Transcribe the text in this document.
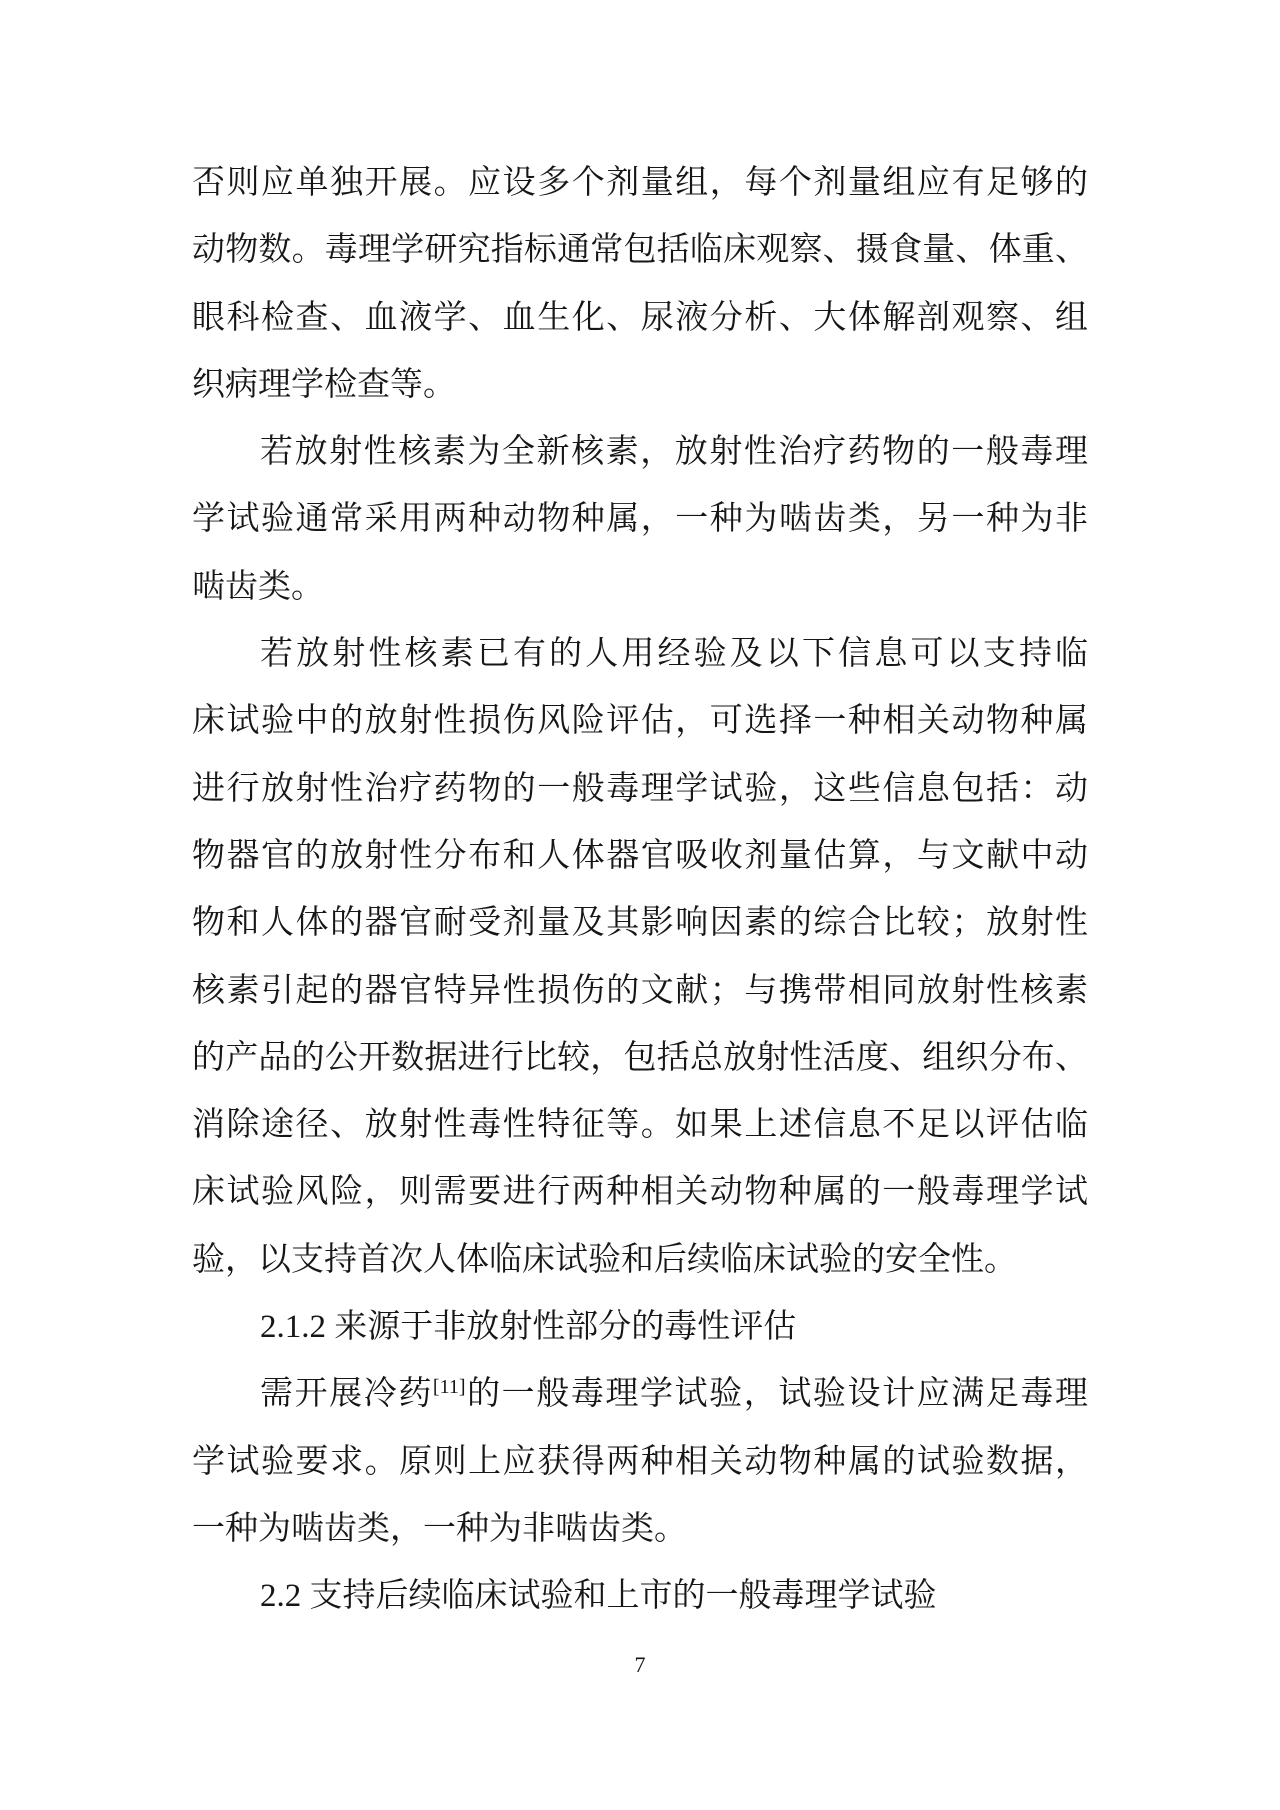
否则应单独开展。应设多个剂量组，每个剂量组应有足够的
动物数。毒理学研究指标通常包括临床观察、摄食量、体重、
眼科检查、血液学、血生化、尿液分析、大体解剖观察、组
织病理学检查等。
若放射性核素为全新核素，放射性治疗药物的一般毒理
学试验通常采用两种动物种属，一种为啮齿类，另一种为非
啮齿类。
若放射性核素已有的人用经验及以下信息可以支持临
床试验中的放射性损伤风险评估，可选择一种相关动物种属
进行放射性治疗药物的一般毒理学试验，这些信息包括：动
物器官的放射性分布和人体器官吸收剂量估算，与文献中动
物和人体的器官耐受剂量及其影响因素的综合比较；放射性
核素引起的器官特异性损伤的文献；与携带相同放射性核素
的产品的公开数据进行比较，包括总放射性活度、组织分布、
消除途径、放射性毒性特征等。如果上述信息不足以评估临
床试验风险，则需要进行两种相关动物种属的一般毒理学试
验，以支持首次人体临床试验和后续临床试验的安全性。
2.1.2 来源于非放射性部分的毒性评估
需开展冷药[11]的一般毒理学试验，试验设计应满足毒理
学试验要求。原则上应获得两种相关动物种属的试验数据，
一种为啮齿类，一种为非啮齿类。
2.2 支持后续临床试验和上市的一般毒理学试验
7
